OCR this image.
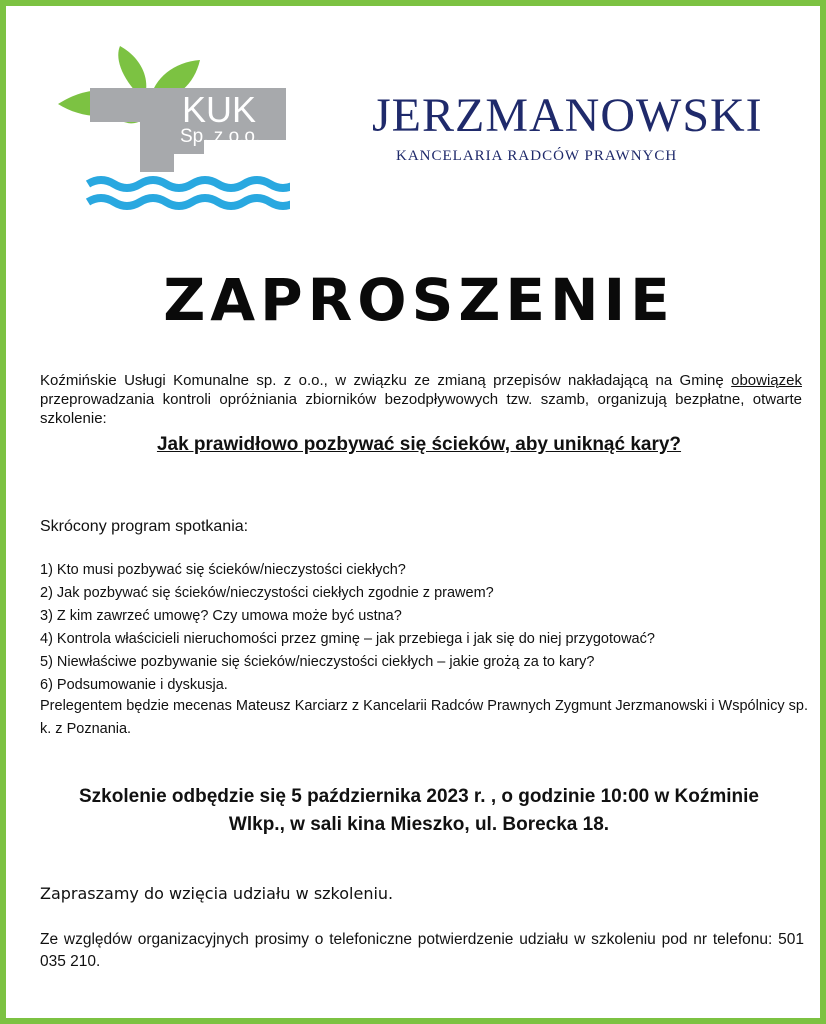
KUK
Sp. z o.o. JERZMANOWSKI
KANCELARIA RADCÓW PRAWNYCH
ZAPROSZENIE

Koźmińskie Usługi Komunalne sp. z o.o., w związku ze zmianą przepisów nakładającą na Gminę obowiązek przeprowadzania kontroli opróżniania zbiorników bezodpływowych tzw. szamb, organizują bezpłatne, otwarte szkolenie:

Jak prawidłowo pozbywać się ścieków, aby uniknąć kary?
Skrócony program spotkania:
1) Kto musi pozbywać się ścieków/nieczystości ciekłych?
2) Jak pozbywać się ścieków/nieczystości ciekłych zgodnie z prawem?
3) Z kim zawrzeć umowę? Czy umowa może być ustna?
4) Kontrola właścicieli nieruchomości przez gminę – jak przebiega i jak się do niej przygotować?
5) Niewłaściwe pozbywanie się ścieków/nieczystości ciekłych – jakie grożą za to kary?
6) Podsumowanie i dyskusja.

Prelegentem będzie mecenas Mateusz Karciarz z Kancelarii Radców Prawnych Zygmunt Jerzmanowski i Wspólnicy sp. k. z Poznania.

Szkolenie odbędzie się 5 października 2023 r. , o godzinie 10:00 w Koźminie
Wlkp., w sali kina Mieszko, ul. Borecka 18.

Zapraszamy do wzięcia udziału w szkoleniu.

Ze względów organizacyjnych prosimy o telefoniczne potwierdzenie udziału w szkoleniu pod nr telefonu: 501 035 210.
